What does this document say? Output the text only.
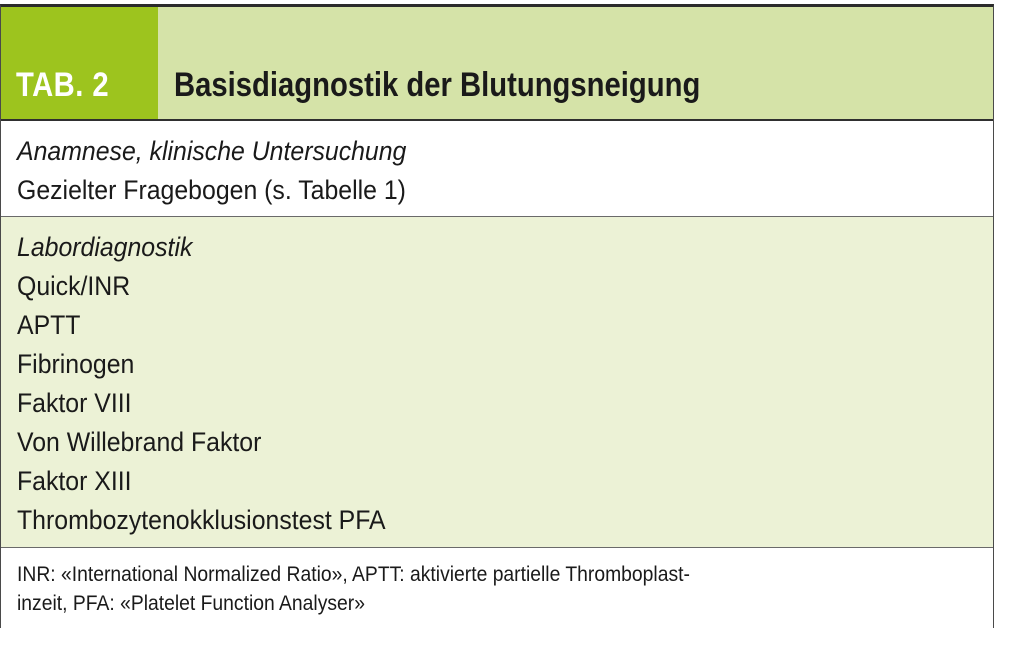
TAB. 2 Basisdiagnostik der Blutungsneigung
Anamnese, klinische Untersuchung
Gezielter Fragebogen (s. Tabelle 1)
Labordiagnostik
Quick/INR
APTT
Fibrinogen
Faktor VIII
Von Willebrand Faktor
Faktor XIII
Thrombozytenokklusionstest PFA
INR: «International Normalized Ratio», APTT: aktivierte partielle Thromboplast-
inzeit, PFA: «Platelet Function Analyser»
